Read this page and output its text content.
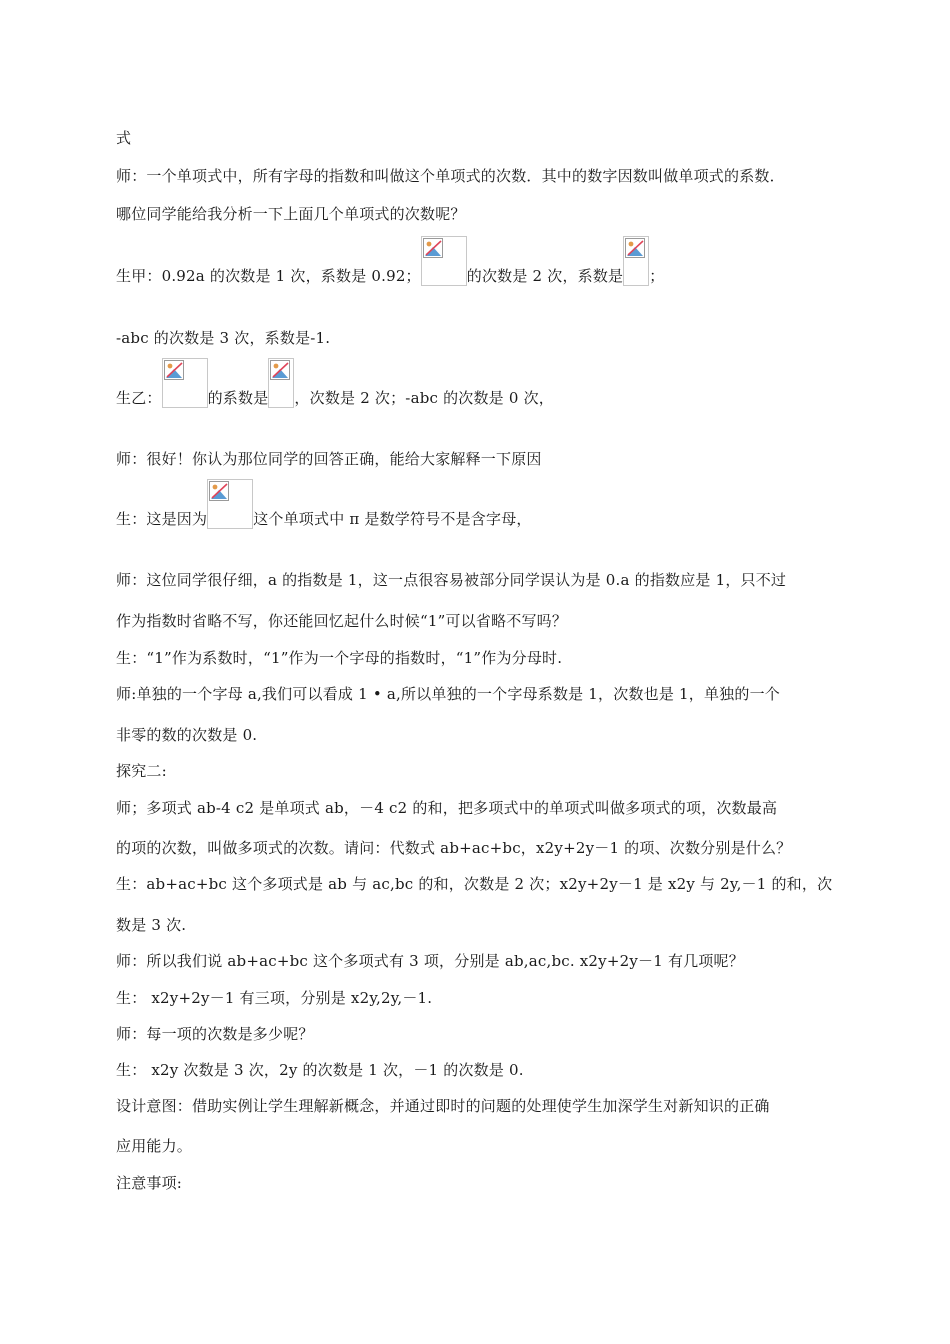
式
师：一个单项式中，所有字母的指数和叫做这个单项式的次数．其中的数字因数叫做单项式的系数．
哪位同学能给我分析一下上面几个单项式的次数呢？
生甲：0.92a 的次数是 1 次，系数是 0.92；	的次数是 2 次，系数是 ；
-abc 的次数是 3 次，系数是-1.
生乙：	的系数是 ，次数是 2 次；-abc 的次数是 0 次，
师：很好！你认为那位同学的回答正确，能给大家解释一下原因
生：这是因为	这个单项式中 π 是数学符号不是含字母，
师：这位同学很仔细，a 的指数是 1，这一点很容易被部分同学误认为是 0.a 的指数应是 1，只不过
作为指数时省略不写，你还能回忆起什么时候“1”可以省略不写吗？
生：“1”作为系数时，“1”作为一个字母的指数时，“1”作为分母时.
师:单独的一个字母 a,我们可以看成 1 • a,所以单独的一个字母系数是 1，次数也是 1，单独的一个
非零的数的次数是 0.
探究二:
师；多项式 ab-4 c2 是单项式 ab，－4 c2 的和，把多项式中的单项式叫做多项式的项，次数最高
的项的次数，叫做多项式的次数。请问：代数式 ab+ac+bc，x2y+2y－1 的项、次数分别是什么？
生：ab+ac+bc 这个多项式是 ab 与 ac,bc 的和，次数是 2 次；x2y+2y－1 是 x2y 与 2y,－1 的和，次
数是 3 次.
师：所以我们说 ab+ac+bc 这个多项式有 3 项，分别是 ab,ac,bc. x2y+2y－1 有几项呢？
生： x2y+2y－1 有三项，分别是 x2y,2y,－1.
师：每一项的次数是多少呢？
生： x2y 次数是 3 次，2y 的次数是 1 次，－1 的次数是 0.
设计意图：借助实例让学生理解新概念，并通过即时的问题的处理使学生加深学生对新知识的正确
应用能力。
注意事项:
